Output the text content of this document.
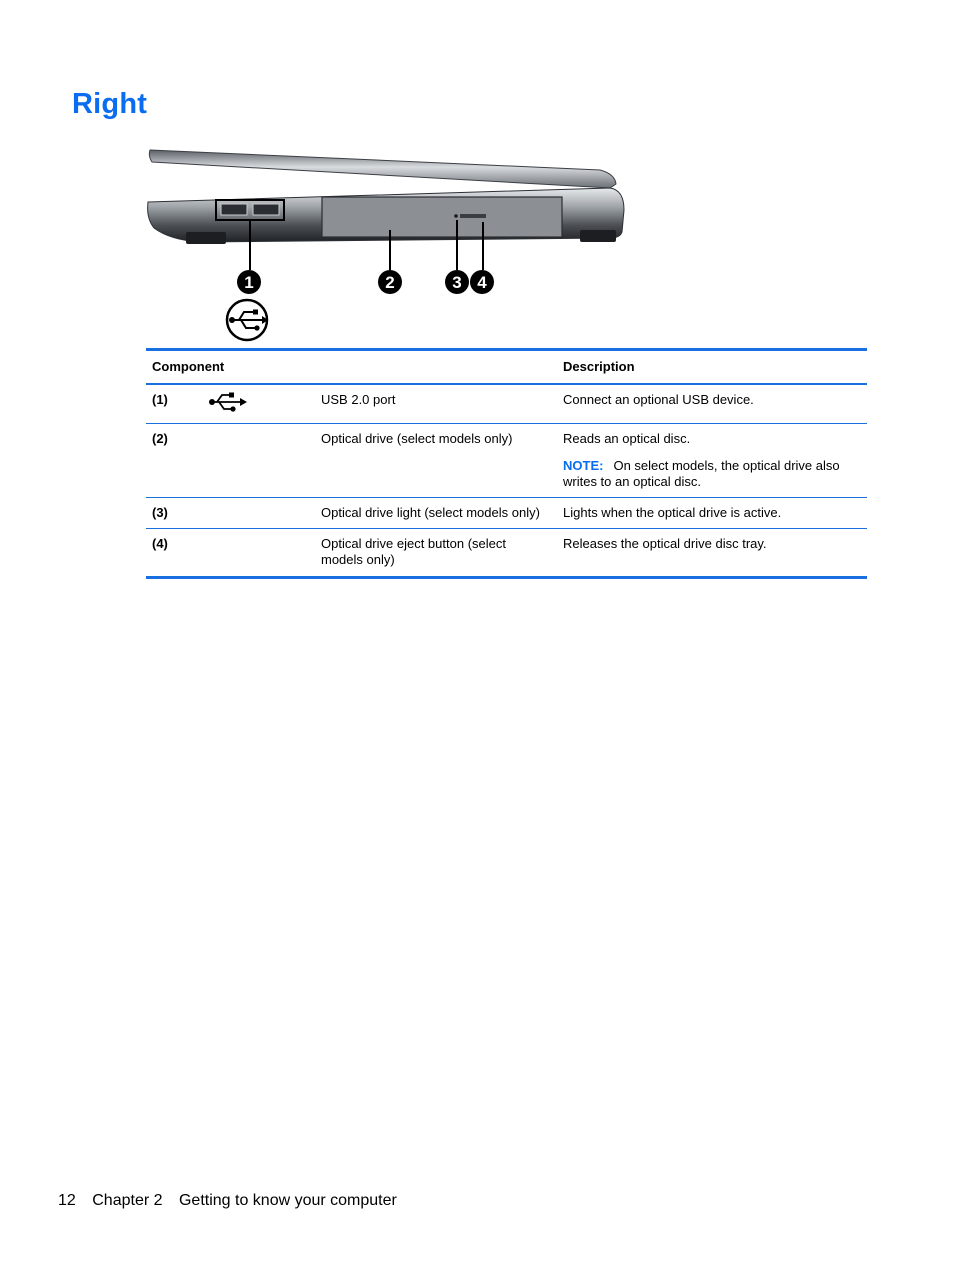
Right
1	2	3 4
Component			Description
(1)		USB 2.0 port	Connect an optional USB device.
(2)		Optical drive (select models only)	Reads an optical disc.
NOTE: On select models, the optical drive also writes to an optical disc.

(3)		Optical drive light (select models only)	Lights when the optical drive is active.
(4)		Optical drive eject button (select models only)	Releases the optical drive disc tray.
12 Chapter 2 Getting to know your computer
